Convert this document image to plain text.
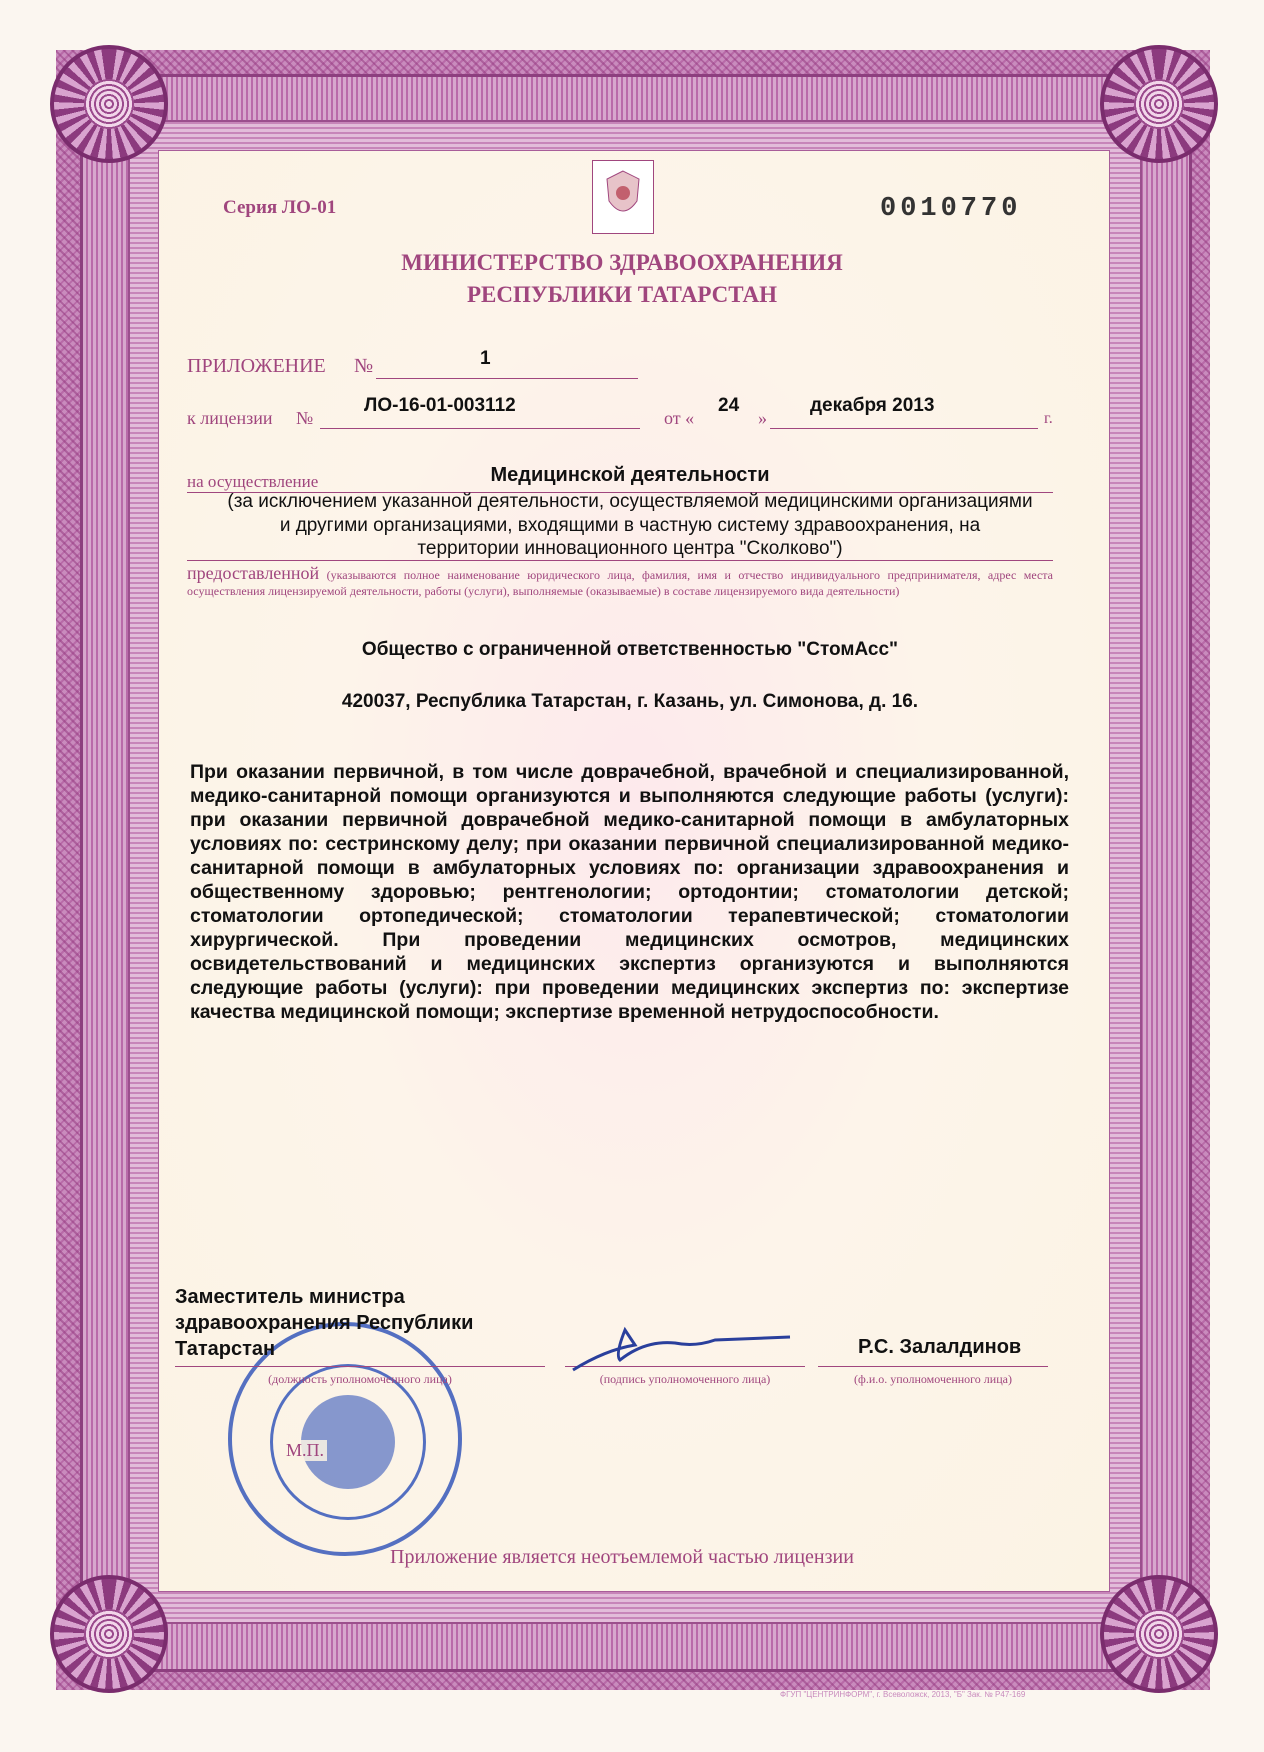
Серия ЛО-01	0010770
МИНИСТЕРСТВО ЗДРАВООХРАНЕНИЯ
РЕСПУБЛИКИ ТАТАРСТАН
ПРИЛОЖЕНИЕ №	1
к лицензии №
ЛО-16-01-003112
от «
24
»
декабря 2013
г.
на осуществление	Медицинской деятельности
(за исключением указанной деятельности, осуществляемой медицинскими организациями
и другими организациями, входящими в частную систему здравоохранения, на
территории инновационного центра "Сколково")
предоставленной (указываются полное наименование юридического лица, фамилия, имя и отчество индивидуального предпринимателя, адрес места осуществления лицензируемой деятельности, работы (услуги), выполняемые (оказываемые) в составе лицензируемого вида деятельности)
Общество с ограниченной ответственностью "СтомАсс"
420037, Республика Татарстан, г. Казань, ул. Симонова, д. 16.
При оказании первичной, в том числе доврачебной, врачебной и специализированной, медико-санитарной помощи организуются и выполняются следующие работы (услуги): при оказании первичной доврачебной медико-санитарной помощи в амбулаторных условиях по: сестринскому делу; при оказании первичной специализированной медико-санитарной помощи в амбулаторных условиях по: организации здравоохранения и общественному здоровью; рентгенологии; ортодонтии; стоматологии детской; стоматологии ортопедической; стоматологии терапевтической; стоматологии хирургической. При проведении медицинских осмотров, медицинских освидетельствований и медицинских экспертиз организуются и выполняются следующие работы (услуги): при проведении медицинских экспертиз по: экспертизе качества медицинской помощи; экспертизе временной нетрудоспособности.
Заместитель министра
здравоохранения Республики
Татарстан
(должность уполномоченного лица)	(подпись уполномоченного лица)
Р.С. Залалдинов
(ф.и.о. уполномоченного лица)
М.П.
Приложение является неотъемлемой частью лицензии
ФГУП "ЦЕНТРИНФОРМ", г. Всеволожск, 2013, "Б" Зак. № Р47-169
